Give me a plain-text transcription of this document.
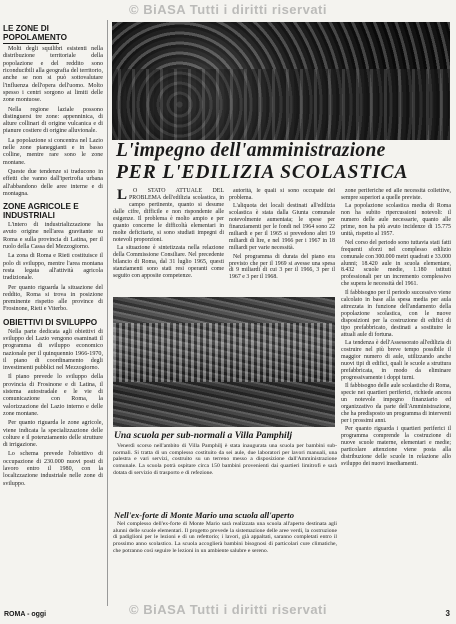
© BiASA Tutti i diritti riservati
LE ZONE DI POPOLAMENTO

Molti degli squilibri esistenti nella distribuzione territoriale della popolazione e del reddito sono riconducibili alla geografia del territorio, anche se non si può sottovalutare l'influenza dell'opera dell'uomo. Molto spesso i centri sorgono ai limiti delle zone montuose.

Nella regione laziale possono distinguersi tre zone: appenninica, di alture collinari di origine vulcanica e di pianure costiere di origine alluvionale.

La popolazione si concentra nel Lazio nelle zone pianeggianti e in basso colline, mentre rare sono le zone montane.

Queste due tendenze si traducono in effetti che vanno dall'ipertrofia urbana all'abbandono delle aree interne e di montagna.

ZONE AGRICOLE E INDUSTRIALI

L'intero di industrializzazione ha avuto origine nell'area gravitante su Roma e sulla provincia di Latina, per il ruolo della Cassa del Mezzogiorno.

La zona di Roma e Rieti costituisce il polo di sviluppo, mentre l'area montana resta legata all'attività agricola tradizionale.

Per quanto riguarda la situazione del reddito, Roma si trova in posizione preminente rispetto alle province di Frosinone, Rieti e Viterbo.

OBIETTIVI DI SVILUPPO

Nella parte dedicata agli obiettivi di sviluppo del Lazio vengono esaminati il programma di sviluppo economico nazionale per il quinquennio 1966-1970, il piano di coordinamento degli investimenti pubblici nel Mezzogiorno.

Il piano prevede lo sviluppo della provincia di Frosinone e di Latina, il sistema autostradale e le vie di comunicazione con Roma, la valorizzazione del Lazio interno e delle zone montane.

Per quanto riguarda le zone agricole, viene indicata la specializzazione delle colture e il potenziamento delle strutture di irrigazione.

Lo schema prevede l'obiettivo di occupazione di 230.000 nuovi posti di lavoro entro il 1980, con la localizzazione industriale nelle zone di sviluppo.

L'impegno dell'amministrazione
PER L'EDILIZIA SCOLASTICA

L O STATO ATTUALE DEL PROBLEMA dell'edilizia scolastica, in campo pertinente, quanto si desume dalle cifre, difficile e non rispondente alle esigenze. Il problema è molto ampio e per quanto concerne le difficoltà elementari in molte deficitarie, si sono studiati impegni di notevoli proporzioni.

La situazione è sintetizzata nella relazione della Commissione Consiliare. Nel precedente bilancio di Roma, dal 31 luglio 1965, questi stanziamenti sono stati resi operanti come seguito con apposite competenze.

autorità, le quali si sono occupate del problema.

L'aliquota dei locali destinati all'edilizia scolastica è stata dalla Giunta comunale notevolmente aumentata; le spese per finanziamenti per le fondi nel 1964 sono 22 miliardi e per il 1965 si prevedono altri 19 miliardi di lire, e nel 1966 per i 1967 in 18 miliardi per varie necessità.

Nel programma di durata del piano era previsto che per il 1969 si avesse una spesa di 9 miliardi di cui 3 per il 1966, 3 per il 1967 e 3 per il 1968.

zone periferiche ed alle necessità collettive, sempre superiori a quelle previste.

La popolazione scolastica media di Roma non ha subito ripercussioni notevoli: il numero delle aule necessarie, quanto alle prime, non ha più avuto incidenze di 15.775 unità, rispetto al 1957.

Nel corso del periodo sono tuttavia stati fatti frequenti sforzi nel complesso edilizio comunale con 300.000 metri quadrati e 33.000 alunni; 18.420 aule in scuola elementare, 8.432 scuole medie, 1.180 istituti professionali per un incremento complessivo che supera le necessità del 1961.

Il fabbisogno per il periodo successivo viene calcolato in base alla spesa media per aula attrezzata in funzione dell'andamento della popolazione scolastica, con le nuove disposizioni per la costruzione di edifici di tipo prefabbricato, destinati a sostituire le attuali aule di fortuna.

La tendenza è dell'Assessorato all'edilizia di costruire nel più breve tempo possibile il maggior numero di aule, utilizzando anche nuovi tipi di edifici, quali le scuole a struttura prefabbricata, in modo da eliminare progressivamente i doppi turni.

Il fabbisogno delle aule scolastiche di Roma, specie nei quartieri periferici, richiede ancora un notevole impegno finanziario ed organizzativo da parte dell'Amministrazione, che ha predisposto un programma di interventi per i prossimi anni.

Per quanto riguarda i quartieri periferici il programma comprende la costruzione di nuove scuole materne, elementari e medie; particolare attenzione viene posta alla distribuzione delle scuole in relazione allo sviluppo dei nuovi insediamenti.

Una scuola per sub-normali a Villa Pamphilj

Venerdì scorso nell'ambito di Villa Pamphilj è stata inaugurata una scuola per bambini sub-normali. Si tratta di un complesso costituito da sei aule, due laboratori per lavori manuali, una palestra e vari servizi, costruito su un terreno messo a disposizione dall'Amministrazione comunale. La scuola potrà ospitare circa 150 bambini provenienti dai quartieri limitrofi e sarà dotata di servizio di trasporto e di refezione.

Nell'ex-forte di Monte Mario una scuola all'aperto

Nel complesso dell'ex-forte di Monte Mario sarà realizzata una scuola all'aperto destinata agli alunni delle scuole elementari. Il progetto prevede la sistemazione delle aree verdi, la costruzione di padiglioni per le lezioni e di un refettorio; i lavori, già appaltati, saranno completati entro il prossimo anno scolastico. La scuola accoglierà bambini bisognosi di particolari cure climatiche, che potranno così seguire le lezioni in un ambiente salubre e sereno.

ROMA - oggi	3
© BiASA Tutti i diritti riservati
